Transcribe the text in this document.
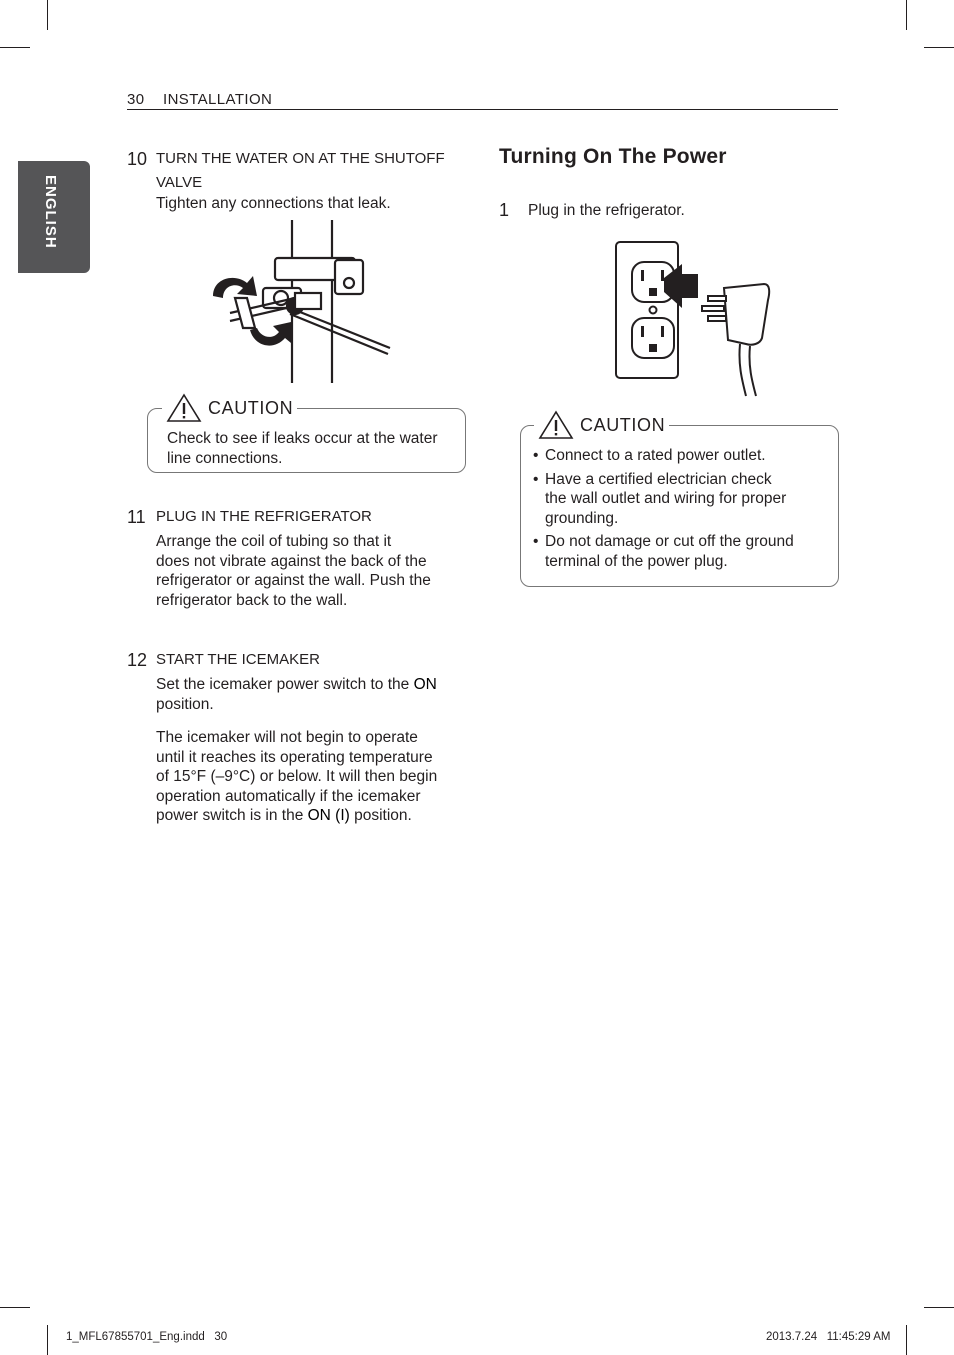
ENGLISH
30 INSTALLATION
10 TURN THE WATER ON AT THE SHUTOFF
VALVE
Tighten any connections that leak.
CAUTION
Check to see if leaks occur at the water
line connections.
11 PLUG IN THE REFRIGERATOR
Arrange the coil of tubing so that it
does not vibrate against the back of the
refrigerator or against the wall. Push the
refrigerator back to the wall.
12 START THE ICEMAKER
Set the icemaker power switch to the ON
position.
The icemaker will not begin to operate
until it reaches its operating temperature
of 15°F (–9°C) or below. It will then begin
operation automatically if the icemaker
power switch is in the ON (I) position.
Turning On The Power
1 Plug in the refrigerator.
CAUTION
• Connect to a rated power outlet.
• Have a certified electrician check
the wall outlet and wiring for proper
grounding.
• Do not damage or cut off the ground
terminal of the power plug.
1_MFL67855701_Eng.indd   30	2013.7.24   11:45:29 AM
